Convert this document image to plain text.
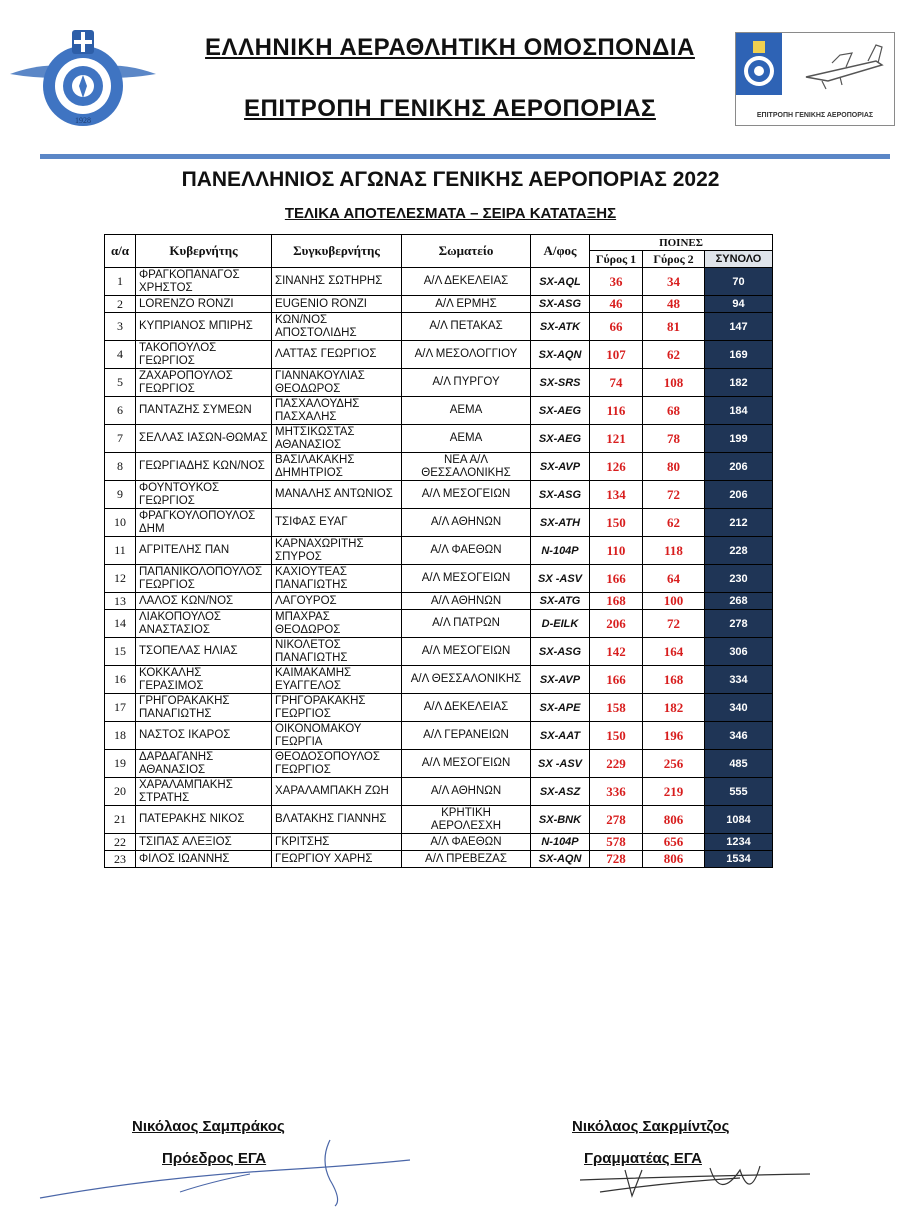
1928
ΕΠΙΤΡΟΠΗ ΓΕΝΙΚΗΣ ΑΕΡΟΠΟΡΙΑΣ
ΕΛΛΗΝΙΚΗ ΑΕΡΑΘΛΗΤΙΚΗ ΟΜΟΣΠΟΝΔΙΑ
ΕΠΙΤΡΟΠΗ ΓΕΝΙΚΗΣ ΑΕΡΟΠΟΡΙΑΣ
ΠΑΝΕΛΛΗΝΙΟΣ ΑΓΩΝΑΣ ΓΕΝΙΚΗΣ ΑΕΡΟΠΟΡΙΑΣ 2022
ΤΕΛΙΚΑ ΑΠΟΤΕΛΕΣΜΑΤΑ – ΣΕΙΡΑ ΚΑΤΑΤΑΞΗΣ
α/α	Κυβερνήτης	Συγκυβερνήτης	Σωματείο	Α/φος	ΠΟΙΝΕΣ		
					Γύρος 1	Γύρος 2	ΣΥΝΟΛΟ
1	ΦΡΑΓΚΟΠΑΝΑΓΟΣ ΧΡΗΣΤΟΣ	ΣΙΝΑΝΗΣ ΣΩΤΗΡΗΣ	Α/Λ ΔΕΚΕΛΕΙΑΣ	SX-AQL	36	34	70
2	LORENZO RONZI	EUGENIO RONZI	Α/Λ ΕΡΜΗΣ	SX-ASG	46	48	94
3	ΚΥΠΡΙΑΝΟΣ ΜΠΙΡΗΣ	ΚΩΝ/ΝΟΣ ΑΠΟΣΤΟΛΙΔΗΣ	Α/Λ ΠΕΤΑΚΑΣ	SX-ATK	66	81	147
4	ΤΑΚΟΠΟΥΛΟΣ ΓΕΩΡΓΙΟΣ	ΛΑΤΤΑΣ ΓΕΩΡΓΙΟΣ	Α/Λ ΜΕΣΟΛΟΓΓΙΟΥ	SX-AQN	107	62	169
5	ΖΑΧΑΡΟΠΟΥΛΟΣ ΓΕΩΡΓΙΟΣ	ΓΙΑΝΝΑΚΟΥΛΙΑΣ ΘΕΟΔΩΡΟΣ	Α/Λ ΠΥΡΓΟΥ	SX-SRS	74	108	182
6	ΠΑΝΤΑΖΗΣ ΣΥΜΕΩΝ	ΠΑΣΧΑΛΟΥΔΗΣ ΠΑΣΧΑΛΗΣ	ΑΕΜΑ	SX-AEG	116	68	184
7	ΣΕΛΛΑΣ ΙΑΣΩΝ-ΘΩΜΑΣ	ΜΗΤΣΙΚΩΣΤΑΣ ΑΘΑΝΑΣΙΟΣ	ΑΕΜΑ	SX-AEG	121	78	199
8	ΓΕΩΡΓΙΑΔΗΣ ΚΩΝ/ΝΟΣ	ΒΑΣΙΛΑΚΑΚΗΣ ΔΗΜΗΤΡΙΟΣ	ΝΕΑ Α/Λ ΘΕΣΣΑΛΟΝΙΚΗΣ	SX-AVP	126	80	206
9	ΦΟΥΝΤΟΥΚΟΣ ΓΕΩΡΓΙΟΣ	ΜΑΝΑΛΗΣ ΑΝΤΩΝΙΟΣ	Α/Λ ΜΕΣΟΓΕΙΩΝ	SX-ASG	134	72	206
10	ΦΡΑΓΚΟΥΛΟΠΟΥΛΟΣ ΔΗΜ	ΤΣΙΦΑΣ ΕΥΑΓ	Α/Λ ΑΘΗΝΩΝ	SX-ATH	150	62	212
11	ΑΓΡΙΤΕΛΗΣ ΠΑΝ	ΚΑΡΝΑΧΩΡΙΤΗΣ ΣΠΥΡΟΣ	Α/Λ ΦΑΕΘΩΝ	N-104P	110	118	228
12	ΠΑΠΑΝΙΚΟΛΟΠΟΥΛΟΣ ΓΕΩΡΓΙΟΣ	ΚΑΧΙΟΥΤΕΑΣ ΠΑΝΑΓΙΩΤΗΣ	Α/Λ ΜΕΣΟΓΕΙΩΝ	SX -ASV	166	64	230
13	ΛΑΛΟΣ ΚΩΝ/ΝΟΣ	ΛΑΓΟΥΡΟΣ	Α/Λ ΑΘΗΝΩΝ	SX-ATG	168	100	268
14	ΛΙΑΚΟΠΟΥΛΟΣ ΑΝΑΣΤΑΣΙΟΣ	ΜΠΑΧΡΑΣ ΘΕΟΔΩΡΟΣ	Α/Λ ΠΑΤΡΩΝ	D-EILK	206	72	278
15	ΤΣΟΠΕΛΑΣ ΗΛΙΑΣ	ΝΙΚΟΛΕΤΟΣ ΠΑΝΑΓΙΩΤΗΣ	Α/Λ ΜΕΣΟΓΕΙΩΝ	SX-ASG	142	164	306
16	ΚΟΚΚΑΛΗΣ ΓΕΡΑΣΙΜΟΣ	ΚΑΙΜΑΚΑΜΗΣ ΕΥΑΓΓΕΛΟΣ	Α/Λ ΘΕΣΣΑΛΟΝΙΚΗΣ	SX-AVP	166	168	334
17	ΓΡΗΓΟΡΑΚΑΚΗΣ ΠΑΝΑΓΙΩΤΗΣ	ΓΡΗΓΟΡΑΚΑΚΗΣ ΓΕΩΡΓΙΟΣ	Α/Λ ΔΕΚΕΛΕΙΑΣ	SX-APE	158	182	340
18	ΝΑΣΤΟΣ ΙΚΑΡΟΣ	ΟΙΚΟΝΟΜΑΚΟΥ ΓΕΩΡΓΙΑ	Α/Λ ΓΕΡΑΝΕΙΩΝ	SX-AAT	150	196	346
19	ΔΑΡΔΑΓΑΝΗΣ ΑΘΑΝΑΣΙΟΣ	ΘΕΟΔΟΣΟΠΟΥΛΟΣ ΓΕΩΡΓΙΟΣ	Α/Λ ΜΕΣΟΓΕΙΩΝ	SX -ASV	229	256	485
20	ΧΑΡΑΛΑΜΠΑΚΗΣ ΣΤΡΑΤΗΣ	ΧΑΡΑΛΑΜΠΑΚΗ ΖΩΗ	Α/Λ ΑΘΗΝΩΝ	SX-ASZ	336	219	555
21	ΠΑΤΕΡΑΚΗΣ ΝΙΚΟΣ	ΒΛΑΤΑΚΗΣ ΓΙΑΝΝΗΣ	ΚΡΗΤΙΚΗ ΑΕΡΟΛΕΣΧΗ	SX-BNK	278	806	1084
22	ΤΣΙΠΑΣ ΑΛΕΞΙΟΣ	ΓΚΡΙΤΣΗΣ	Α/Λ ΦΑΕΘΩΝ	N-104P	578	656	1234
23	ΦΙΛΟΣ ΙΩΑΝΝΗΣ	ΓΕΩΡΓΙΟΥ ΧΑΡΗΣ	Α/Λ ΠΡΕΒΕΖΑΣ	SX-AQN	728	806	1534
Νικόλαος Σαμπράκος
Πρόεδρος ΕΓΑ
Νικόλαος Σακρμίντζος
Γραμματέας ΕΓΑ
